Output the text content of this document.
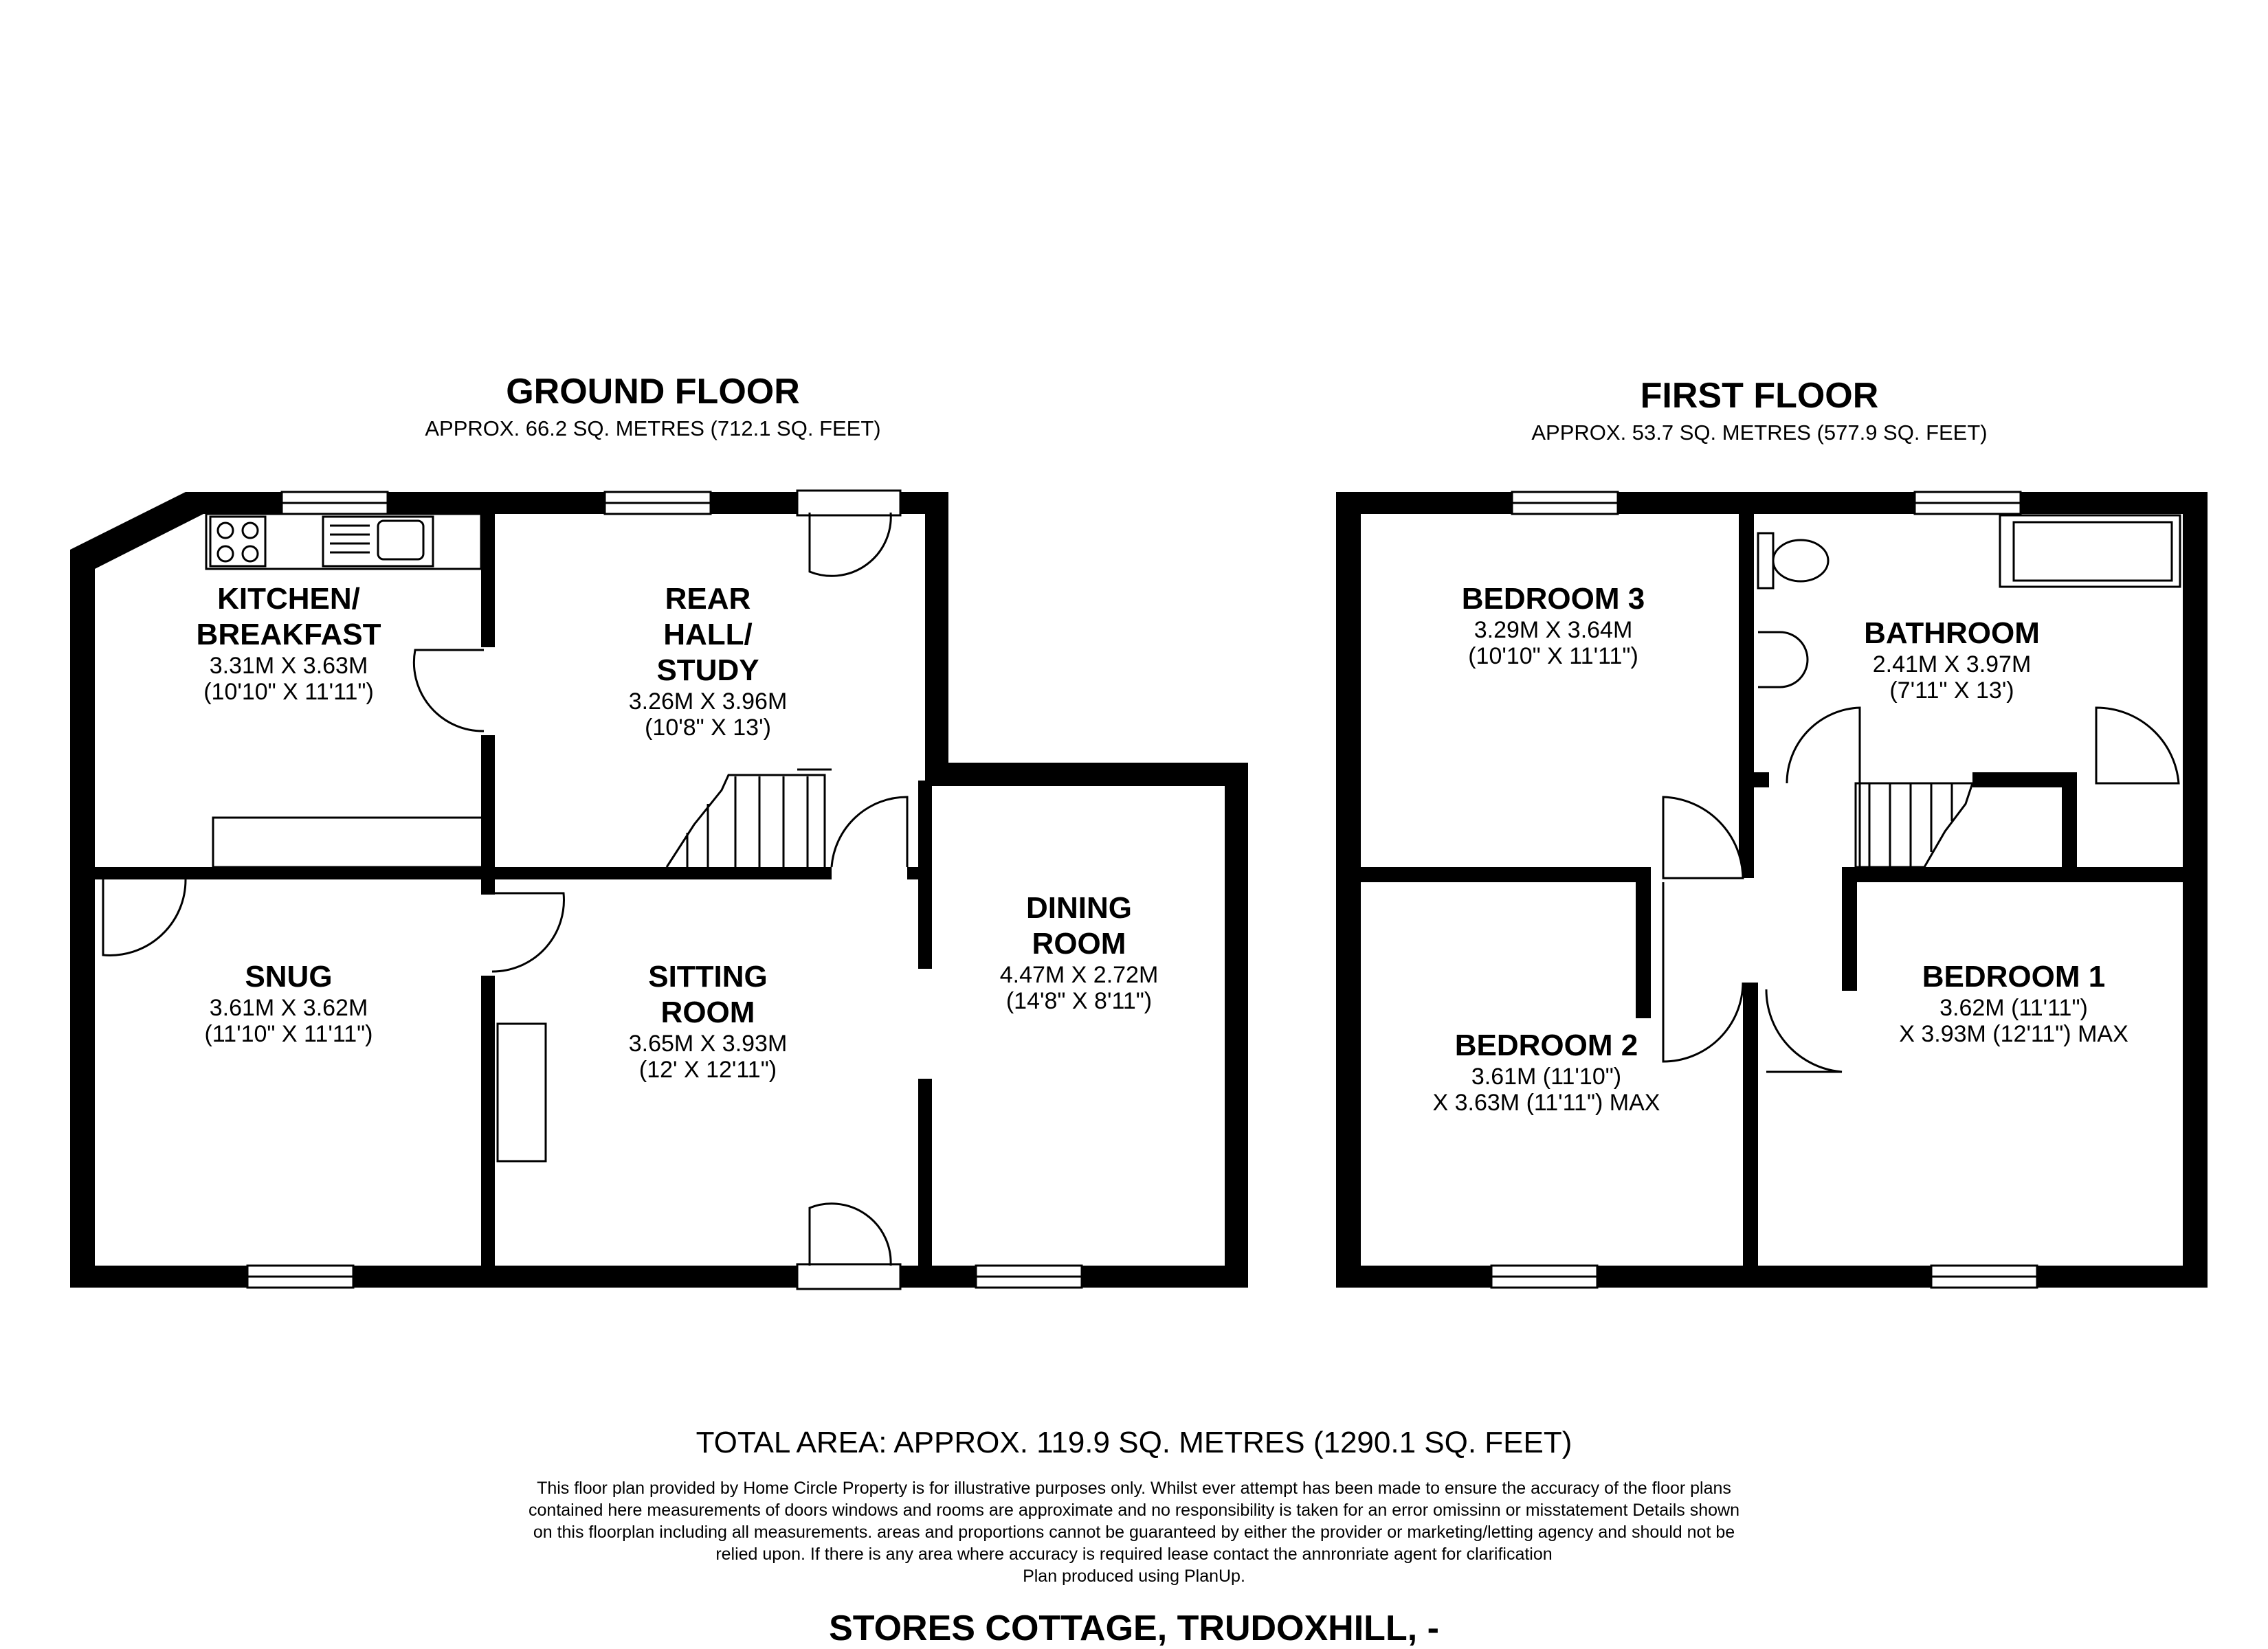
GROUND FLOOR
APPROX. 66.2 SQ. METRES (712.1 SQ. FEET)
FIRST FLOOR
APPROX. 53.7 SQ. METRES (577.9 SQ. FEET)
KITCHEN/
BREAKFAST
3.31M X 3.63M
(10'10" X 11'11")
REAR
HALL/
STUDY
3.26M X 3.96M
(10'8" X 13')
DINING
ROOM
4.47M X 2.72M
(14'8" X 8'11")
SNUG
3.61M X 3.62M
(11'10" X 11'11")
SITTING
ROOM
3.65M X 3.93M
(12' X 12'11")
BEDROOM 3
3.29M X 3.64M
(10'10" X 11'11")
BATHROOM
2.41M X 3.97M
(7'11" X 13')
BEDROOM 2
3.61M (11'10")
X 3.63M (11'11") MAX
BEDROOM 1
3.62M (11'11")
X 3.93M (12'11") MAX
TOTAL AREA: APPROX. 119.9 SQ. METRES (1290.1 SQ. FEET)
This floor plan provided by Home Circle Property is for illustrative purposes only. Whilst ever attempt has been made to ensure the accuracy of the floor plans
contained here measurements of doors windows and rooms are approximate and no responsibility is taken for an error omissinn or misstatement Details shown
on this floorplan including all measurements. areas and proportions cannot be guaranteed by either the provider or marketing/letting agency and should not be
relied upon. If there is any area where accuracy is required lease contact the annronriate agent for clarification
Plan produced using PlanUp.
STORES COTTAGE, TRUDOXHILL, -
